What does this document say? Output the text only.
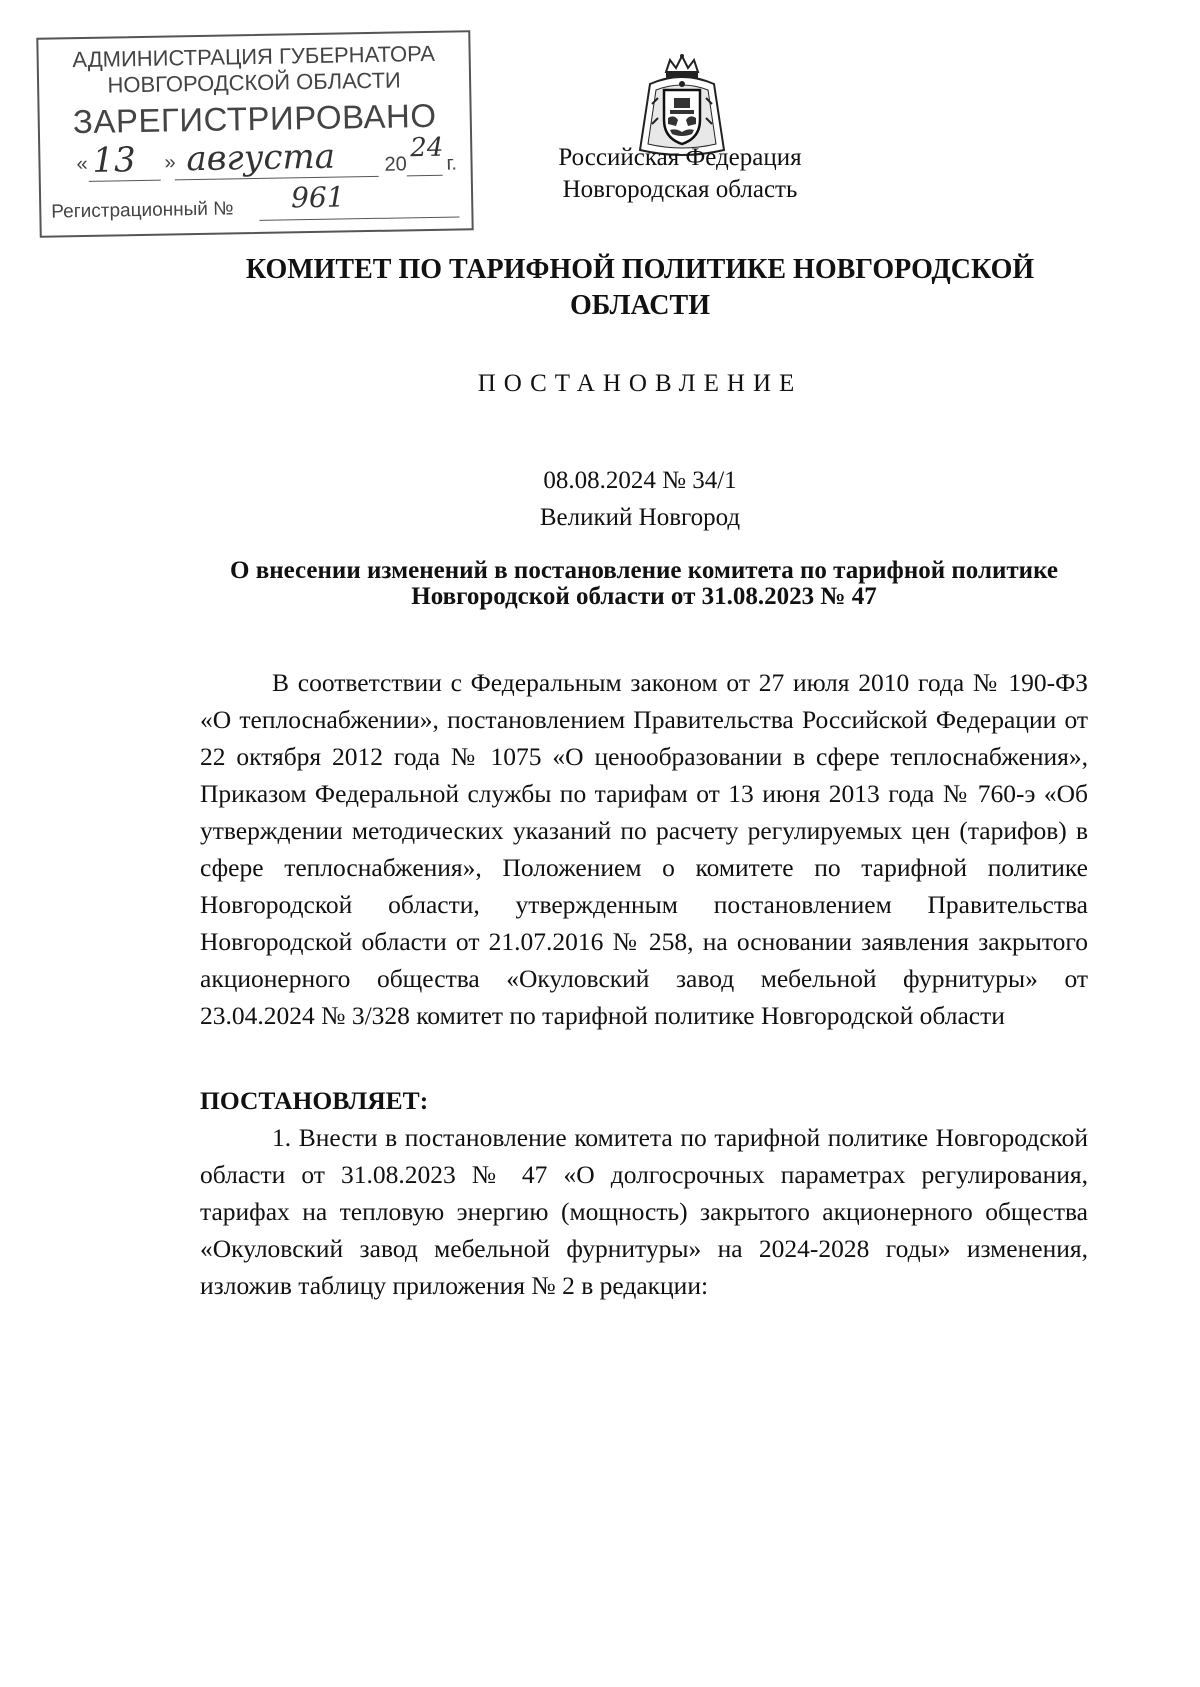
АДМИНИСТРАЦИЯ ГУБЕРНАТОРА
НОВГОРОДСКОЙ ОБЛАСТИ
ЗАРЕГИСТРИРОВАНО
« 13 » августа 20
24
г.
Регистрационный № 961
Российская Федерация
Новгородская область
КОМИТЕТ ПО ТАРИФНОЙ ПОЛИТИКЕ НОВГОРОДСКОЙ
ОБЛАСТИ
ПОСТАНОВЛЕНИЕ
08.08.2024 № 34/1
Великий Новгород
О внесении изменений в постановление комитета по тарифной политике
Новгородской области от 31.08.2023 № 47
В соответствии с Федеральным законом от 27 июля 2010 года № 190-ФЗ «О теплоснабжении», постановлением Правительства Российской Федерации от 22 октября 2012 года № 1075 «О ценообразовании в сфере теплоснабжения», Приказом Федеральной службы по тарифам от 13 июня 2013 года № 760-э «Об утверждении методических указаний по расчету регулируемых цен (тарифов) в сфере теплоснабжения», Положением о комитете по тарифной политике Новгородской области, утвержденным постановлением Правительства Новгородской области от 21.07.2016 № 258, на основании заявления закрытого акционерного общества «Окуловский завод мебельной фурнитуры» от 23.04.2024 № 3/328 комитет по тарифной политике Новгородской области
ПОСТАНОВЛЯЕТ:
1. Внести в постановление комитета по тарифной политике Новгородской области от 31.08.2023 № 47 «О долгосрочных параметрах регулирования, тарифах на тепловую энергию (мощность) закрытого акционерного общества «Окуловский завод мебельной фурнитуры» на 2024-2028 годы» изменения, изложив таблицу приложения № 2 в редакции:
